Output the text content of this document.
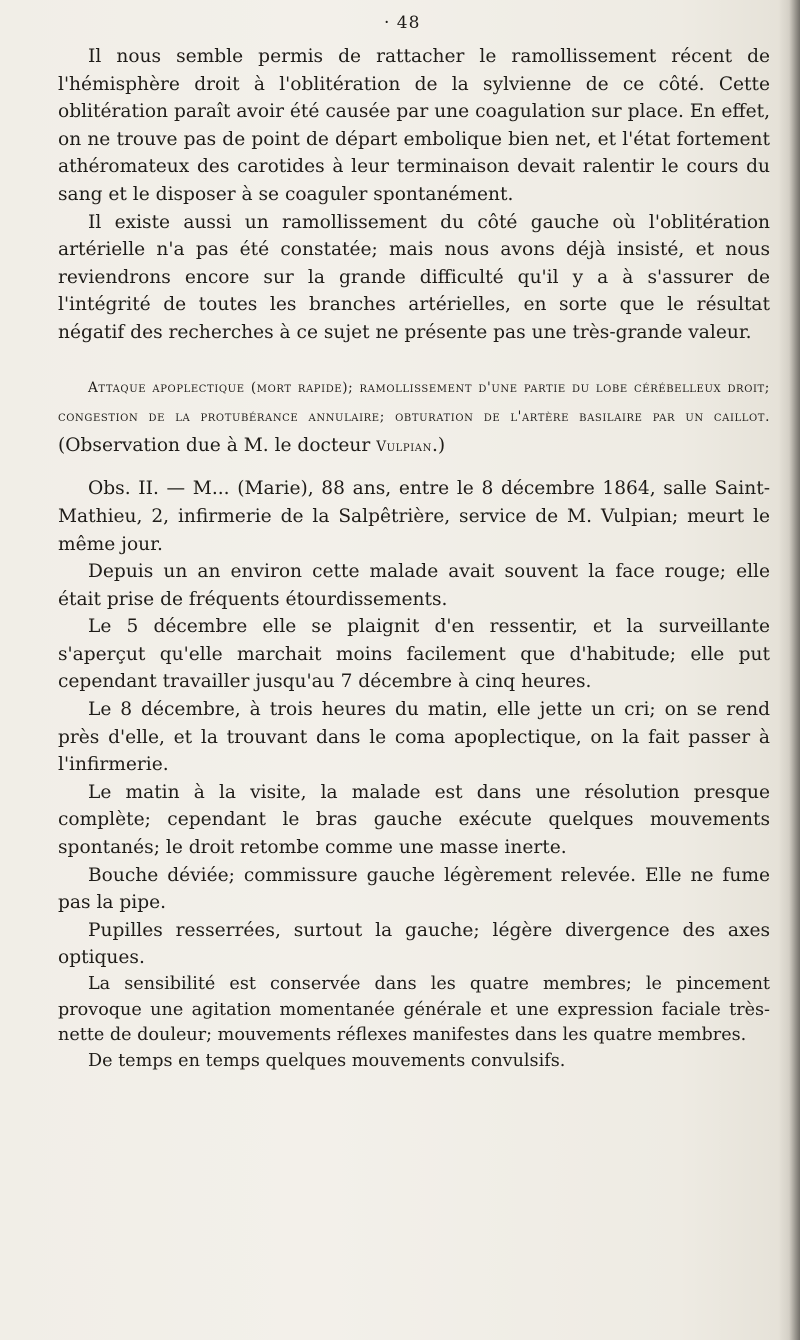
· 48

Il nous semble permis de rattacher le ramollissement récent de l'hémisphère droit à l'oblitération de la sylvienne de ce côté. Cette oblitération paraît avoir été causée par une coagulation sur place. En effet, on ne trouve pas de point de départ embolique bien net, et l'état fortement athéromateux des carotides à leur terminaison devait ralentir le cours du sang et le disposer à se coaguler spontanément.

Il existe aussi un ramollissement du côté gauche où l'oblitération artérielle n'a pas été constatée; mais nous avons déjà insisté, et nous reviendrons encore sur la grande difficulté qu'il y a à s'assurer de l'intégrité de toutes les branches artérielles, en sorte que le résultat négatif des recherches à ce sujet ne présente pas une très-grande valeur.

Attaque apoplectique (mort rapide); ramollissement d'une partie du lobe cérébelleux droit; congestion de la protubérance annulaire; obturation de l'artère basilaire par un caillot. (Observation due à M. le docteur Vulpian.)

Obs. II. — M... (Marie), 88 ans, entre le 8 décembre 1864, salle Saint-Mathieu, 2, infirmerie de la Salpêtrière, service de M. Vulpian; meurt le même jour.

Depuis un an environ cette malade avait souvent la face rouge; elle était prise de fréquents étourdissements.

Le 5 décembre elle se plaignit d'en ressentir, et la surveillante s'aperçut qu'elle marchait moins facilement que d'habitude; elle put cependant travailler jusqu'au 7 décembre à cinq heures.

Le 8 décembre, à trois heures du matin, elle jette un cri; on se rend près d'elle, et la trouvant dans le coma apoplectique, on la fait passer à l'infirmerie.

Le matin à la visite, la malade est dans une résolution presque complète; cependant le bras gauche exécute quelques mouvements spontanés; le droit retombe comme une masse inerte.

Bouche déviée; commissure gauche légèrement relevée. Elle ne fume pas la pipe.

Pupilles resserrées, surtout la gauche; légère divergence des axes optiques.

La sensibilité est conservée dans les quatre membres; le pincement provoque une agitation momentanée générale et une expression faciale très-nette de douleur; mouvements réflexes manifestes dans les quatre membres.

De temps en temps quelques mouvements convulsifs.
